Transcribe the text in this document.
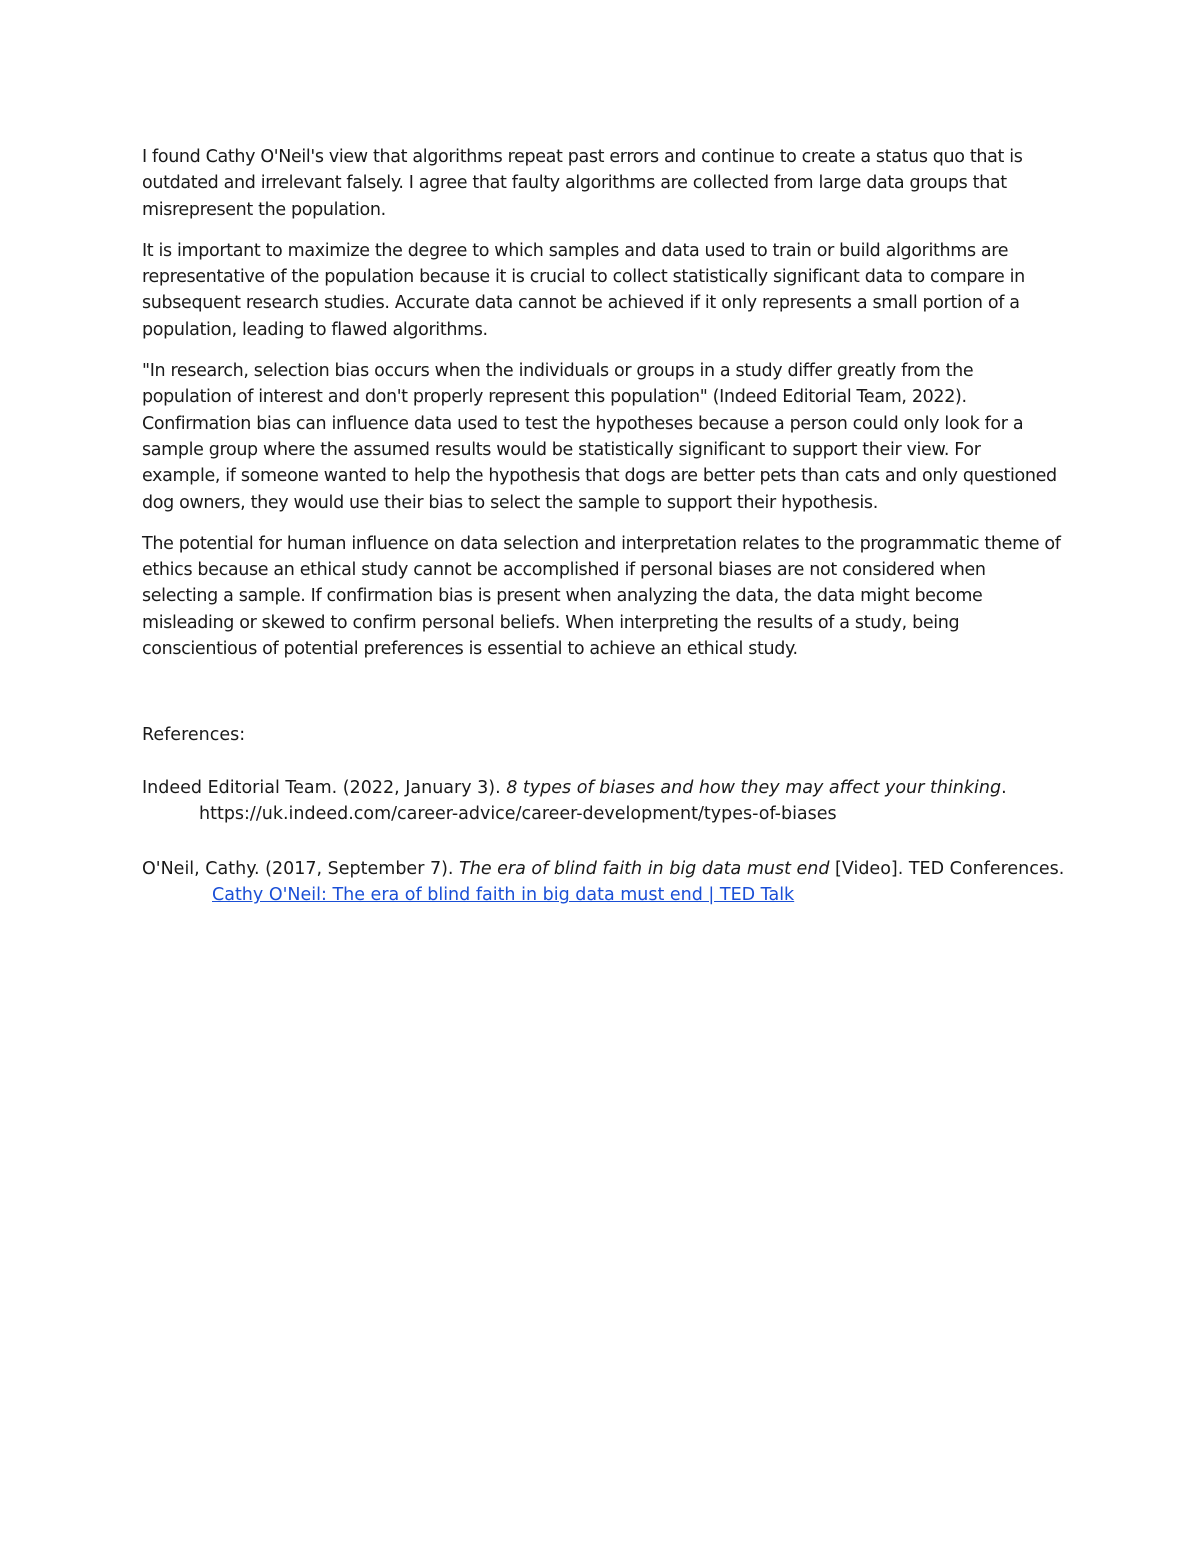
I found Cathy O'Neil's view that algorithms repeat past errors and continue to create a status quo that is outdated and irrelevant falsely. I agree that faulty algorithms are collected from large data groups that misrepresent the population.

It is important to maximize the degree to which samples and data used to train or build algorithms are representative of the population because it is crucial to collect statistically significant data to compare in subsequent research studies. Accurate data cannot be achieved if it only represents a small portion of a population, leading to flawed algorithms.

"In research, selection bias occurs when the individuals or groups in a study differ greatly from the population of interest and don't properly represent this population" (Indeed Editorial Team, 2022). Confirmation bias can influence data used to test the hypotheses because a person could only look for a sample group where the assumed results would be statistically significant to support their view. For example, if someone wanted to help the hypothesis that dogs are better pets than cats and only questioned dog owners, they would use their bias to select the sample to support their hypothesis.

The potential for human influence on data selection and interpretation relates to the programmatic theme of ethics because an ethical study cannot be accomplished if personal biases are not considered when selecting a sample. If confirmation bias is present when analyzing the data, the data might become misleading or skewed to confirm personal beliefs. When interpreting the results of a study, being conscientious of potential preferences is essential to achieve an ethical study.

References:

Indeed Editorial Team. (2022, January 3). 8 types of biases and how they may affect your thinking.
https://uk.indeed.com/career-advice/career-development/types-of-biases

O'Neil, Cathy. (2017, September 7). The era of blind faith in big data must end [Video]. TED Conferences.
Cathy O'Neil: The era of blind faith in big data must end | TED Talk
